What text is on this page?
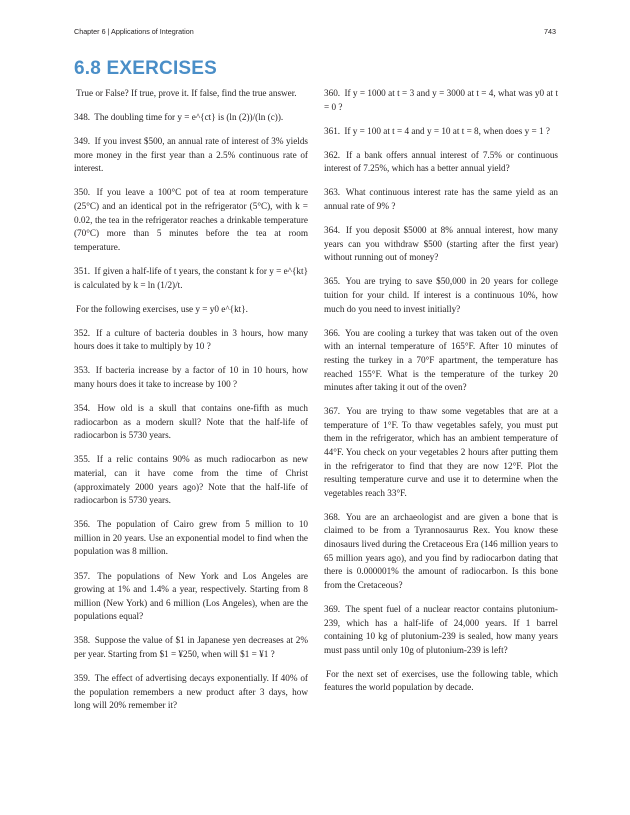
Chapter 6 | Applications of Integration	743
6.8 EXERCISES

True or False? If true, prove it. If false, find the true answer.

348. The doubling time for y = e^{ct} is (ln (2))/(ln (c)).

349. If you invest $500, an annual rate of interest of 3% yields more money in the first year than a 2.5% continuous rate of interest.

350. If you leave a 100°C pot of tea at room temperature (25°C) and an identical pot in the refrigerator (5°C), with k = 0.02, the tea in the refrigerator reaches a drinkable temperature (70°C) more than 5 minutes before the tea at room temperature.

351. If given a half-life of t years, the constant k for y = e^{kt} is calculated by k = ln (1/2)/t.

For the following exercises, use y = y0 e^{kt}.

352. If a culture of bacteria doubles in 3 hours, how many hours does it take to multiply by 10 ?

353. If bacteria increase by a factor of 10 in 10 hours, how many hours does it take to increase by 100 ?

354. How old is a skull that contains one-fifth as much radiocarbon as a modern skull? Note that the half-life of radiocarbon is 5730 years.

355. If a relic contains 90% as much radiocarbon as new material, can it have come from the time of Christ (approximately 2000 years ago)? Note that the half-life of radiocarbon is 5730 years.

356. The population of Cairo grew from 5 million to 10 million in 20 years. Use an exponential model to find when the population was 8 million.

357. The populations of New York and Los Angeles are growing at 1% and 1.4% a year, respectively. Starting from 8 million (New York) and 6 million (Los Angeles), when are the populations equal?

358. Suppose the value of $1 in Japanese yen decreases at 2% per year. Starting from $1 = ¥250, when will $1 = ¥1 ?

359. The effect of advertising decays exponentially. If 40% of the population remembers a new product after 3 days, how long will 20% remember it?

360. If y = 1000 at t = 3 and y = 3000 at t = 4, what was y0 at t = 0 ?

361. If y = 100 at t = 4 and y = 10 at t = 8, when does y = 1 ?

362. If a bank offers annual interest of 7.5% or continuous interest of 7.25%, which has a better annual yield?

363. What continuous interest rate has the same yield as an annual rate of 9% ?

364. If you deposit $5000 at 8% annual interest, how many years can you withdraw $500 (starting after the first year) without running out of money?

365. You are trying to save $50,000 in 20 years for college tuition for your child. If interest is a continuous 10%, how much do you need to invest initially?

366. You are cooling a turkey that was taken out of the oven with an internal temperature of 165°F. After 10 minutes of resting the turkey in a 70°F apartment, the temperature has reached 155°F. What is the temperature of the turkey 20 minutes after taking it out of the oven?

367. You are trying to thaw some vegetables that are at a temperature of 1°F. To thaw vegetables safely, you must put them in the refrigerator, which has an ambient temperature of 44°F. You check on your vegetables 2 hours after putting them in the refrigerator to find that they are now 12°F. Plot the resulting temperature curve and use it to determine when the vegetables reach 33°F.

368. You are an archaeologist and are given a bone that is claimed to be from a Tyrannosaurus Rex. You know these dinosaurs lived during the Cretaceous Era (146 million years to 65 million years ago), and you find by radiocarbon dating that there is 0.000001% the amount of radiocarbon. Is this bone from the Cretaceous?

369. The spent fuel of a nuclear reactor contains plutonium-239, which has a half-life of 24,000 years. If 1 barrel containing 10 kg of plutonium-239 is sealed, how many years must pass until only 10g of plutonium-239 is left?

For the next set of exercises, use the following table, which features the world population by decade.
